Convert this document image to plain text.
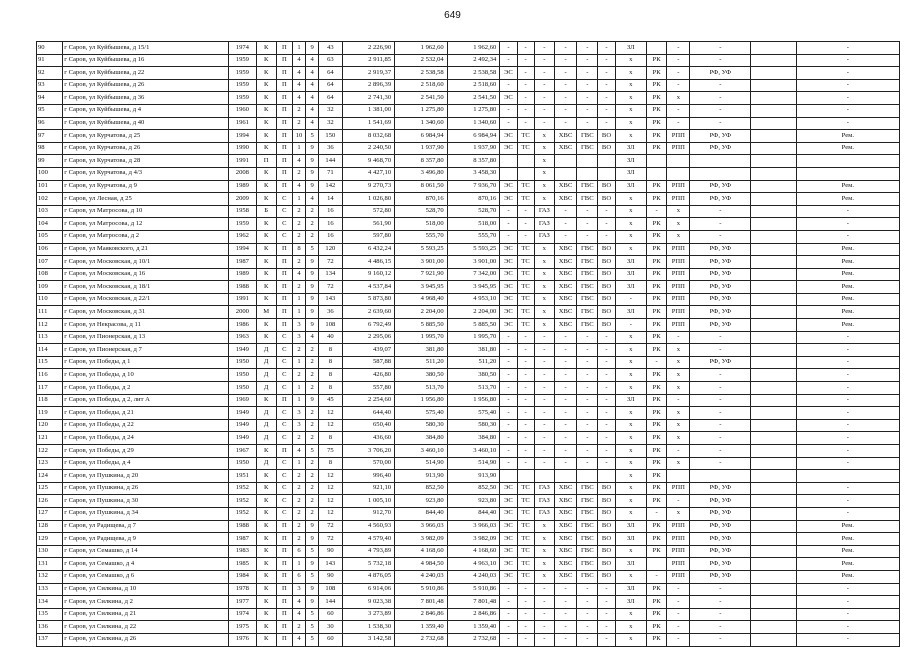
649
90	г Саров, ул Куйбышева, д 15/1	1974	К	П	1	9	43	2 226,90	1 962,60	1 962,60	-	-	-	-	-	-	ЗЛ		-	-		-
91	г Саров, ул Куйбышева, д 16	1959	К	П	4	4	63	2 911,85	2 532,04	2 492,34	-	-	-	-	-	-	х	РК	-	-		-
92	г Саров, ул Куйбышева, д 22	1959	К	П	4	4	64	2 919,37	2 538,58	2 538,58	ЭС	-	-	-	-	-	х	РК	-	РФ, УФ		-
93	г Саров, ул Куйбышева, д 26	1959	К	П	4	4	64	2 896,39	2 518,60	2 518,60	-	-	-	-	-	-	х	РК	-	-		-
94	г Саров, ул Куйбышева, д 36	1959	К	П	4	4	64	2 741,30	2 541,50	2 541,50	ЭС	-	-	-	-	-	х	РК	х	-		-
95	г Саров, ул Куйбышева, д 4	1960	К	П	2	4	32	1 381,00	1 275,80	1 275,80	-	-	-	-	-	-	х	РК	-	-		-
96	г Саров, ул Куйбышева, д 40	1961	К	П	2	4	32	1 541,69	1 340,60	1 340,60	-	-	-	-	-	-	х	РК	-	-		-
97	г Саров, ул Курчатова, д 25	1994	К	П	10	5	150	8 032,68	6 984,94	6 984,94	ЭС	ТС	х	ХВС	ГВС	ВО	х	РК	РПП	РФ, УФ		Рем.
98	г Саров, ул Курчатова, д 26	1990	К	П	1	9	36	2 240,50	1 937,90	1 937,90	ЭС	ТС	х	ХВС	ГВС	ВО	ЗЛ	РК	РПП	РФ, УФ		Рем.
99	г Саров, ул Курчатова, д 28	1991	П	П	4	9	144	9 468,70	8 357,80	8 357,80			х				ЗЛ					
100	г Саров, ул Курчатова, д 4/3	2008	К	П	2	9	71	4 427,10	3 496,80	3 458,30			х				ЗЛ					
101	г Саров, ул Курчатова, д 9	1989	К	П	4	9	142	9 270,73	8 061,50	7 936,70	ЭС	ТС	х	ХВС	ГВС	ВО	ЗЛ	РК	РПП	РФ, УФ		Рем.
102	г Саров, ул Лесная, д 25	2009	К	С	1	4	14	1 026,80	870,16	870,16	ЭС	ТС	х	ХВС	ГВС	ВО	х	РК	РПП	РФ, УФ		Рем.
103	г Саров, ул Матросова, д 10	1958	Б	С	2	2	16	572,80	528,70	528,70	-	-	ГАЗ	-	-	-	х	-	х	-		-
104	г Саров, ул Матросова, д 12	1959	К	С	2	2	16	561,90	518,00	518,00	-	-	ГАЗ	-	-	-	х	РК	х	-		-
105	г Саров, ул Матросова, д 2	1962	К	С	2	2	16	597,80	555,70	555,70	-	-	ГАЗ	-	-	-	х	РК	х	-		-
106	г Саров, ул Маяковского, д 21	1994	К	П	8	5	120	6 432,24	5 593,25	5 593,25	ЭС	ТС	х	ХВС	ГВС	ВО	х	РК	РПП	РФ, УФ		Рем.
107	г Саров, ул Московская, д 10/1	1987	К	П	2	9	72	4 486,15	3 901,00	3 901,00	ЭС	ТС	х	ХВС	ГВС	ВО	ЗЛ	РК	РПП	РФ, УФ		Рем.
108	г Саров, ул Московская, д 16	1989	К	П	4	9	134	9 160,12	7 921,90	7 342,00	ЭС	ТС	х	ХВС	ГВС	ВО	ЗЛ	РК	РПП	РФ, УФ		Рем.
109	г Саров, ул Московская, д 18/1	1988	К	П	2	9	72	4 537,84	3 945,95	3 945,95	ЭС	ТС	х	ХВС	ГВС	ВО	ЗЛ	РК	РПП	РФ, УФ		Рем.
110	г Саров, ул Московская, д 22/1	1991	К	П	1	9	143	5 873,80	4 968,40	4 953,10	ЭС	ТС	х	ХВС	ГВС	ВО	-	РК	РПП	РФ, УФ		Рем.
111	г Саров, ул Московская, д 31	2000	М	П	1	9	36	2 639,60	2 204,00	2 204,00	ЭС	ТС	х	ХВС	ГВС	ВО	ЗЛ	РК	РПП	РФ, УФ		Рем.
112	г Саров, ул Некрасова, д 11	1986	К	П	3	9	108	6 792,49	5 885,50	5 885,50	ЭС	ТС	х	ХВС	ГВС	ВО	-	РК	РПП	РФ, УФ		Рем.
113	г Саров, ул Пионерская, д 13	1963	К	С	3	4	40	2 295,06	1 995,70	1 995,70	-	-	-	-	-	-	х	РК	-	-		-
114	г Саров, ул Пионерская, д 7	1949	Д	С	2	2	8	439,07	381,80	381,80	-	-	-	-	-	-	х	РК	х	-		-
115	г Саров, ул Победы, д 1	1950	Д	С	1	2	8	587,88	511,20	511,20	-	-	-	-	-	-	х	-	х	РФ, УФ		-
116	г Саров, ул Победы, д 10	1950	Д	С	2	2	8	426,80	380,50	380,50	-	-	-	-	-	-	х	РК	х	-		-
117	г Саров, ул Победы, д 2	1950	Д	С	1	2	8	557,80	513,70	513,70	-	-	-	-	-	-	х	РК	х	-		-
118	г Саров, ул Победы, д 2, лит А	1969	К	П	1	9	45	2 254,60	1 956,80	1 956,80	-	-	-	-	-	-	ЗЛ	РК	-	-		-
119	г Саров, ул Победы, д 21	1949	Д	С	3	2	12	644,40	575,40	575,40	-	-	-	-	-	-	х	РК	х	-		-
120	г Саров, ул Победы, д 22	1949	Д	С	3	2	12	650,40	580,30	580,30	-	-	-	-	-	-	х	РК	х	-		-
121	г Саров, ул Победы, д 24	1949	Д	С	2	2	8	436,60	384,80	384,80	-	-	-	-	-	-	х	РК	х	-		-
122	г Саров, ул Победы, д 29	1967	К	П	4	5	75	3 706,20	3 460,10	3 460,10	-	-	-	-	-	-	х	РК	-	-		-
123	г Саров, ул Победы, д 4	1950	Д	С	1	2	8	570,00	514,90	514,90	-	-	-	-	-	-	х	РК	х	-		-
124	г Саров, ул Пушкина, д 20	1951	К	С	2	2	12	996,40	913,90	913,90							х	РК				
125	г Саров, ул Пушкина, д 26	1952	К	С	2	2	12	921,10	852,50	852,50	ЭС	ТС	ГАЗ	ХВС	ГВС	ВО	х	РК	РПП	РФ, УФ		-
126	г Саров, ул Пушкина, д 30	1952	К	С	2	2	12	1 005,10	923,80	923,80	ЭС	ТС	ГАЗ	ХВС	ГВС	ВО	х	РК	-	РФ, УФ		-
127	г Саров, ул Пушкина, д 34	1952	К	С	2	2	12	912,70	844,40	844,40	ЭС	ТС	ГАЗ	ХВС	ГВС	ВО	х	-	х	РФ, УФ		-
128	г Саров, ул Радищева, д 7	1988	К	П	2	9	72	4 560,93	3 966,03	3 966,03	ЭС	ТС	х	ХВС	ГВС	ВО	ЗЛ	РК	РПП	РФ, УФ		Рем.
129	г Саров, ул Радищева, д 9	1987	К	П	2	9	72	4 579,40	3 982,09	3 982,09	ЭС	ТС	х	ХВС	ГВС	ВО	ЗЛ	РК	РПП	РФ, УФ		Рем.
130	г Саров, ул Семашко, д 14	1983	К	П	6	5	90	4 793,89	4 168,60	4 168,60	ЭС	ТС	х	ХВС	ГВС	ВО	х	РК	РПП	РФ, УФ		Рем.
131	г Саров, ул Семашко, д 4	1985	К	П	1	9	143	5 732,18	4 984,50	4 963,10	ЭС	ТС	х	ХВС	ГВС	ВО	ЗЛ		РПП	РФ, УФ		Рем.
132	г Саров, ул Семашко, д 6	1984	К	П	6	5	90	4 876,05	4 240,03	4 240,03	ЭС	ТС	х	ХВС	ГВС	ВО	х	-	РПП	РФ, УФ		Рем.
133	г Саров, ул Силкина, д 10	1978	К	П	3	9	108	6 914,06	5 910,86	5 910,86	-	-	-	-	-	-	ЗЛ	РК	-	-		-
134	г Саров, ул Силкина, д 2	1977	К	П	4	9	144	9 023,38	7 801,48	7 801,48	-	-	-	-	-	-	ЗЛ	РК	-	-		-
135	г Саров, ул Силкина, д 21	1974	К	П	4	5	60	3 273,89	2 846,86	2 846,86	-	-	-	-	-	-	х	РК	-	-		-
136	г Саров, ул Силкина, д 22	1975	К	П	2	5	30	1 538,30	1 359,40	1 359,40	-	-	-	-	-	-	х	РК	-	-		-
137	г Саров, ул Силкина, д 26	1976	К	П	4	5	60	3 142,58	2 732,68	2 732,68	-	-	-	-	-	-	х	РК	-	-		-
